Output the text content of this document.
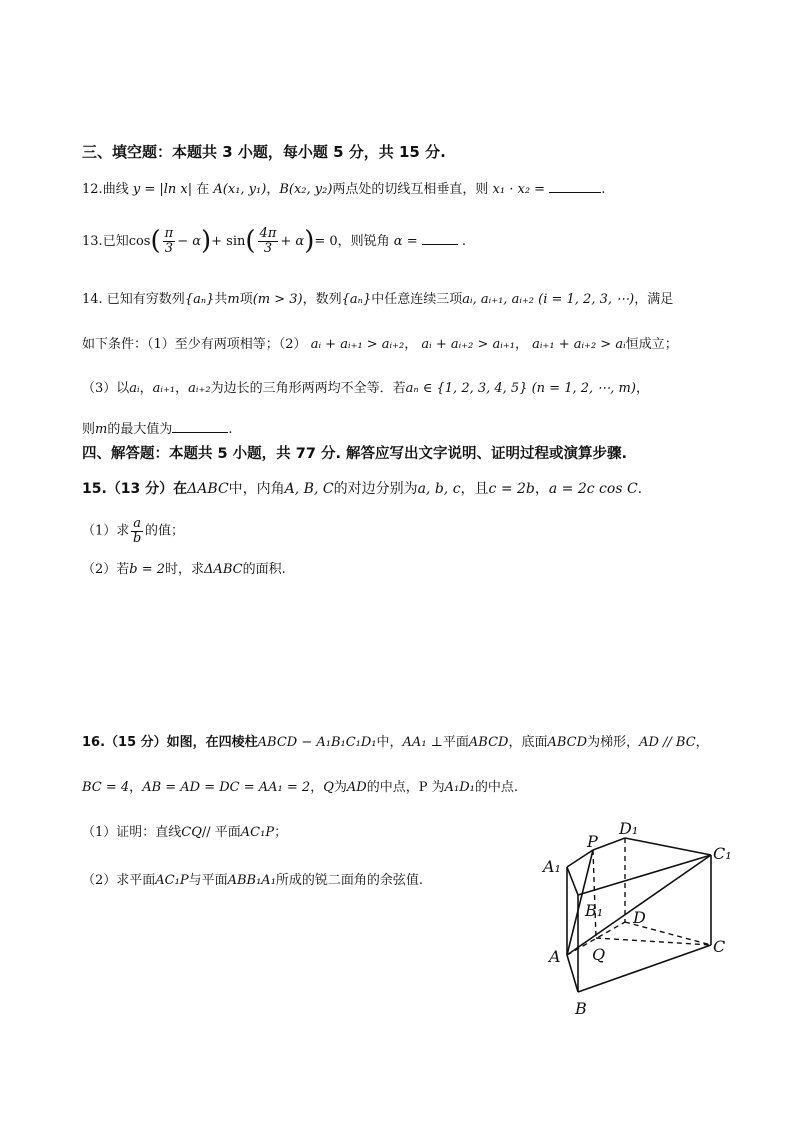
三、填空题：本题共 3 小题，每小题 5 分，共 15 分.
12.曲线 y = |ln x| 在 A(x₁, y₁)，B(x₂, y₂)两点处的切线互相垂直，则 x₁ · x₂ =	.
13.已知$\cos( \frac{\pi}{3} - \alpha)+ \sin( \frac{4\pi}{3} + \alpha)= 0$，则锐角 α =	.
14. 已知有穷数列{aₙ}共m项(m > 3)，数列{aₙ}中任意连续三项aᵢ, aᵢ₊₁, aᵢ₊₂ (i = 1, 2, 3, ⋯)，满足
如下条件：（1）至少有两项相等；（2） aᵢ + aᵢ₊₁ > aᵢ₊₂， aᵢ + aᵢ₊₂ > aᵢ₊₁， aᵢ₊₁ + aᵢ₊₂ > aᵢ恒成立；
（3）以aᵢ，aᵢ₊₁，aᵢ₊₂为边长的三角形两两均不全等．若aₙ ∈ {1, 2, 3, 4, 5} (n = 1, 2, ⋯, m)，
则m的最大值为	.
四、解答题：本题共 5 小题，共 77 分. 解答应写出文字说明、证明过程或演算步骤.
15.（13 分）在ΔABC中，内角A, B, C的对边分别为a, b, c，且c = 2b，a = 2c cos C.
（1）求 $\frac{a}{b}$ 的值；
（2）若b = 2时，求ΔABC的面积.
16.（15 分）如图，在四棱柱ABCD − A₁B₁C₁D₁中，AA₁ ⊥平面ABCD，底面ABCD为梯形，AD // BC，
BC = 4，AB = AD = DC = AA₁ = 2，Q为AD的中点，P 为A₁D₁的中点.
（1）证明：直线CQ// 平面AC₁P；
（2）求平面AC₁P与平面ABB₁A₁所成的锐二面角的余弦值.
P
D₁
C₁
A₁
B₁ D
A Q	C
B
